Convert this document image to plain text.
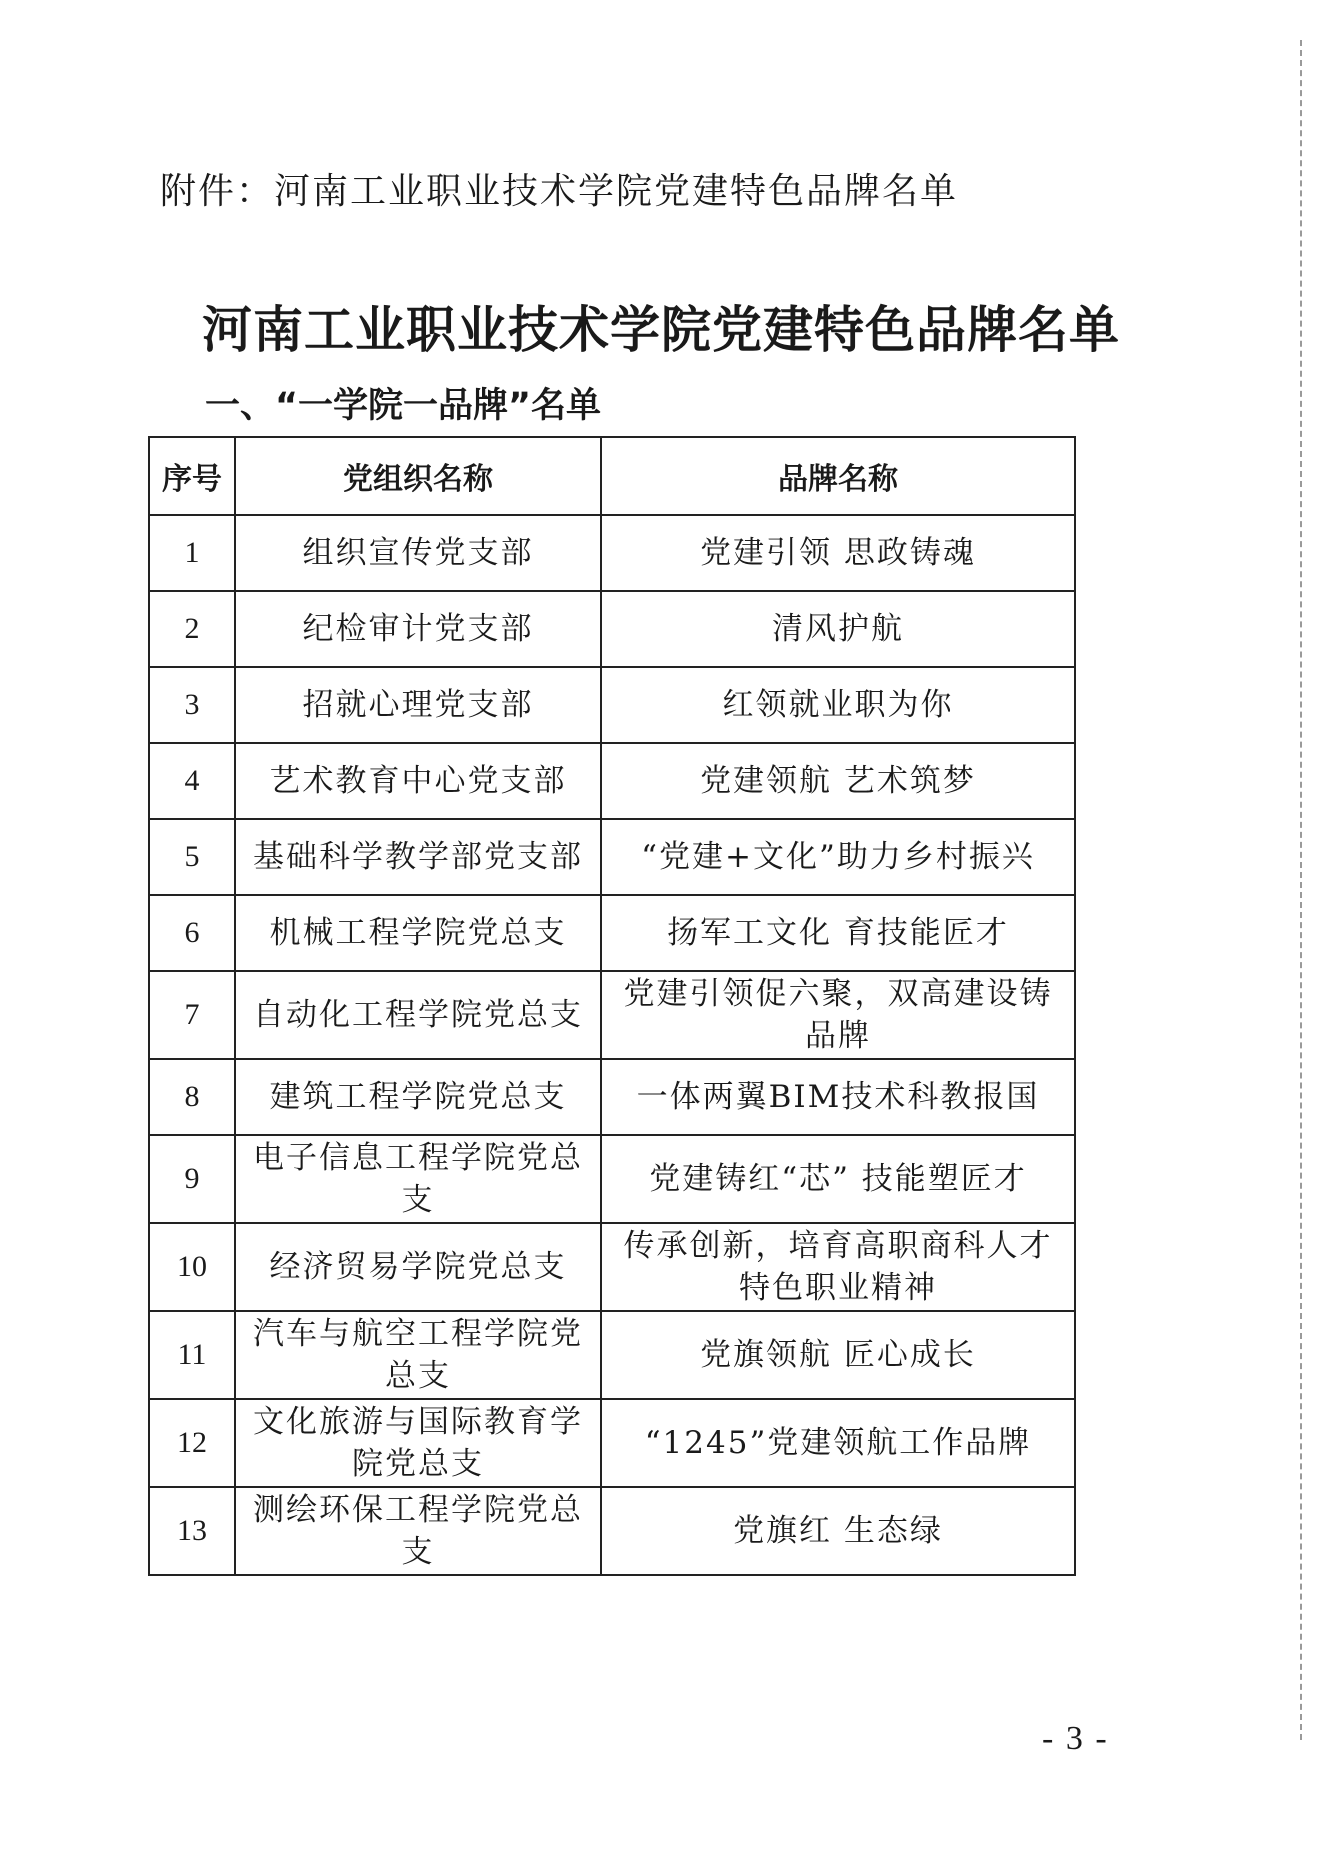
附件：河南工业职业技术学院党建特色品牌名单
河南工业职业技术学院党建特色品牌名单
一、“一学院一品牌”名单
序号	党组织名称	品牌名称
1	组织宣传党支部	党建引领 思政铸魂
2	纪检审计党支部	清风护航
3	招就心理党支部	红领就业职为你
4	艺术教育中心党支部	党建领航 艺术筑梦
5	基础科学教学部党支部	“党建+文化”助力乡村振兴
6	机械工程学院党总支	扬军工文化 育技能匠才
7	自动化工程学院党总支	党建引领促六聚，双高建设铸品牌
8	建筑工程学院党总支	一体两翼BIM技术科教报国
9	电子信息工程学院党总支	党建铸红“芯” 技能塑匠才
10	经济贸易学院党总支	传承创新，培育高职商科人才特色职业精神
11	汽车与航空工程学院党总支	党旗领航 匠心成长
12	文化旅游与国际教育学院党总支	“1245”党建领航工作品牌
13	测绘环保工程学院党总支	党旗红 生态绿
- 3 -
